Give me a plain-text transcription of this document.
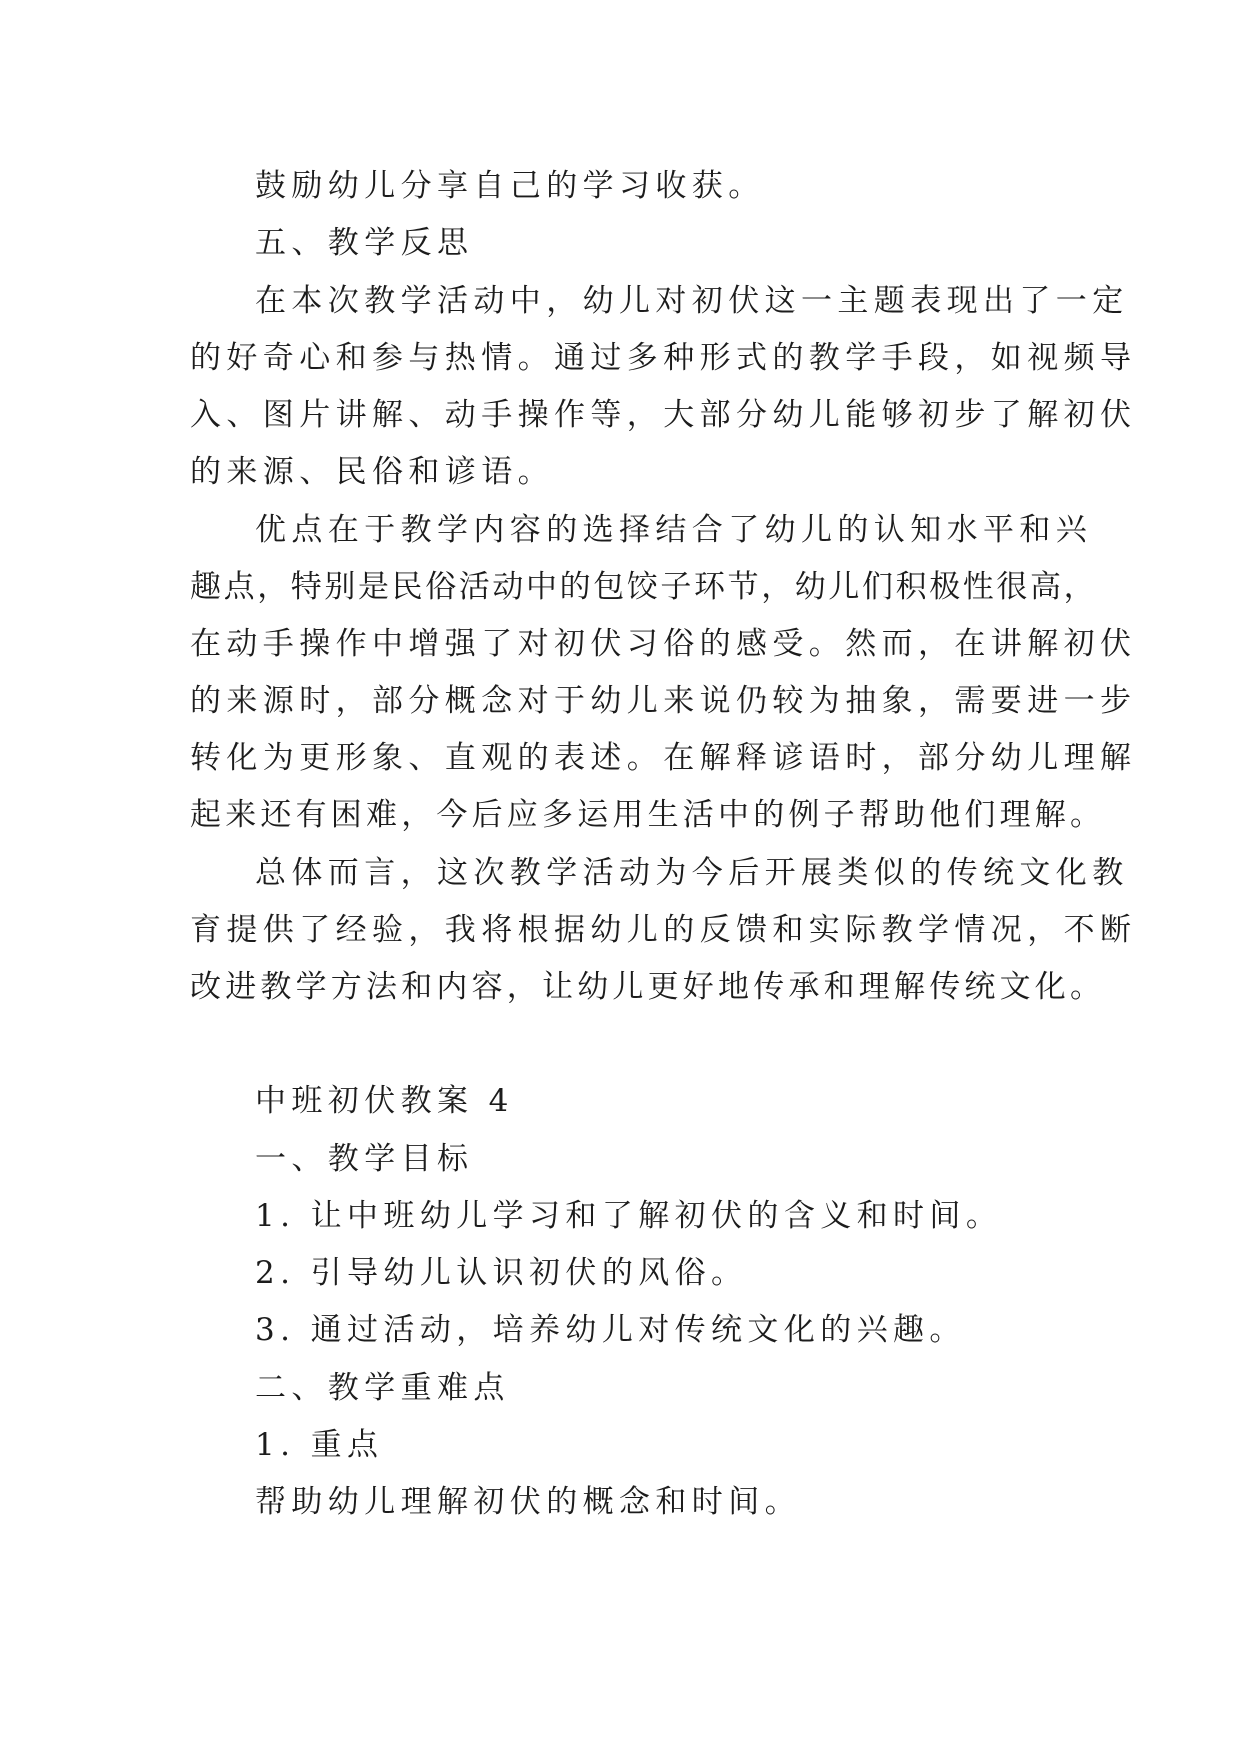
鼓励幼儿分享自己的学习收获。
五、教学反思
在本次教学活动中，幼儿对初伏这一主题表现出了一定
的好奇心和参与热情。通过多种形式的教学手段，如视频导
入、图片讲解、动手操作等，大部分幼儿能够初步了解初伏
的来源、民俗和谚语。
优点在于教学内容的选择结合了幼儿的认知水平和兴
趣点，特别是民俗活动中的包饺子环节，幼儿们积极性很高，
在动手操作中增强了对初伏习俗的感受。然而，在讲解初伏
的来源时，部分概念对于幼儿来说仍较为抽象，需要进一步
转化为更形象、直观的表述。在解释谚语时，部分幼儿理解
起来还有困难，今后应多运用生活中的例子帮助他们理解。
总体而言，这次教学活动为今后开展类似的传统文化教
育提供了经验，我将根据幼儿的反馈和实际教学情况，不断
改进教学方法和内容，让幼儿更好地传承和理解传统文化。
中班初伏教案 4
一、教学目标
1. 让中班幼儿学习和了解初伏的含义和时间。
2. 引导幼儿认识初伏的风俗。
3. 通过活动，培养幼儿对传统文化的兴趣。
二、教学重难点
1. 重点
帮助幼儿理解初伏的概念和时间。
